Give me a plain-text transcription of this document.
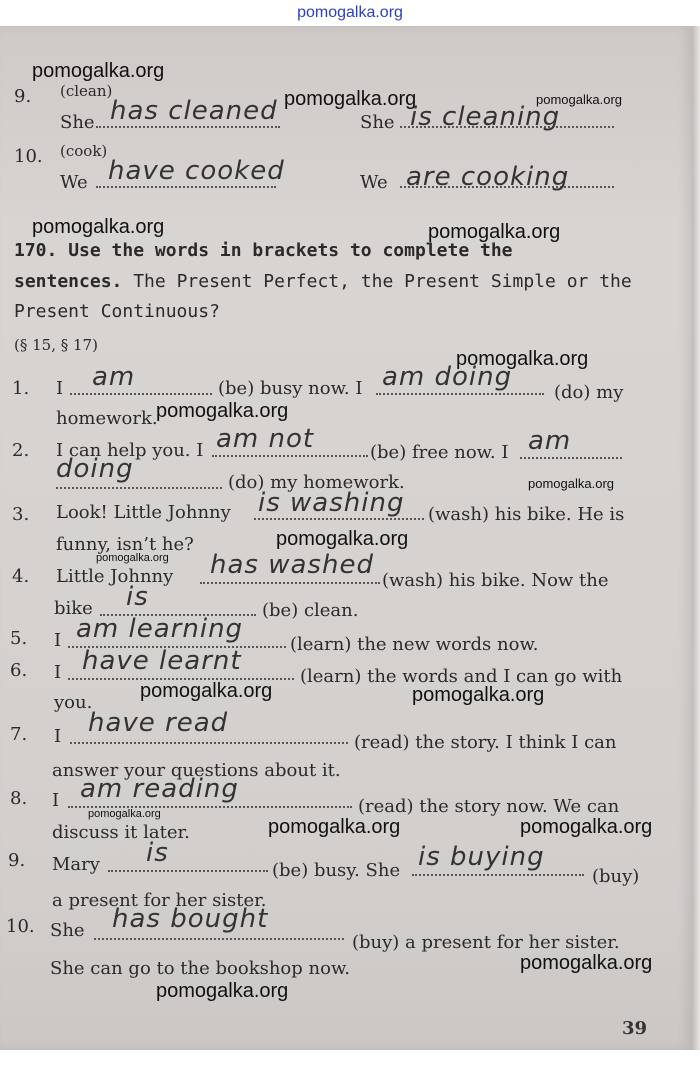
pomogalka.org
9. (clean)
She has cleaned	She is cleaning
10. (cook)
We have cooked	We are cooking
170. Use the words in brackets to complete the
sentences. The Present Perfect, the Present Simple or the
Present Continuous?
(§ 15, § 17)
1. I am	(be) busy now. I am doing
(do) my
homework.
2. I can help you. I am not	(be) free now. I am
doing	(do) my homework.
3. Look! Little Johnny is washing (wash) his bike. He is
funny, isn’t he?
4. Little Johnny has washed
(wash) his bike. Now the
bike is	(be) clean.
5. I am learning
(learn) the new words now.
6. I have learnt
(learn) the words and I can go with
you.
7. I have read
(read) the story. I think I can
answer your questions about it.
8. I am reading
(read) the story now. We can
discuss it later.
9. Mary is
(be) busy. She is buying
(buy)
a present for her sister.
10. She has bought
(buy) a present for her sister.
She can go to the bookshop now.
39
pomogalka.org
pomogalka.org	pomogalka.org
pomogalka.org	pomogalka.org
pomogalka.org
pomogalka.org
pomogalka.org
pomogalka.org
pomogalka.org
pomogalka.org	pomogalka.org
pomogalka.org
pomogalka.org	pomogalka.org
pomogalka.org
pomogalka.org
